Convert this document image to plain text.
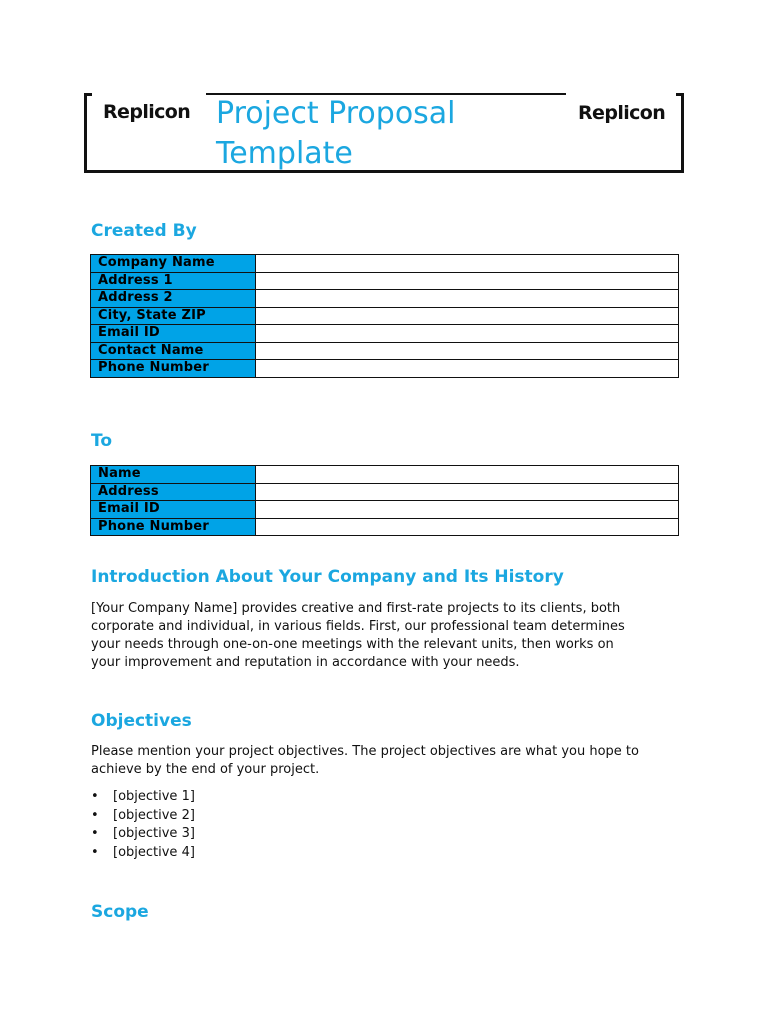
Replicon	Replicon
Project Proposal
Template
Created By
Company Name	
Address 1	
Address 2	
City, State ZIP	
Email ID	
Contact Name	
Phone Number	
To
Name	
Address	
Email ID	
Phone Number	
Introduction About Your Company and Its History
[Your Company Name] provides creative and first-rate projects to its clients, both
corporate and individual, in various fields. First, our professional team determines
your needs through one-on-one meetings with the relevant units, then works on
your improvement and reputation in accordance with your needs.
Objectives
Please mention your project objectives. The project objectives are what you hope to
achieve by the end of your project.
• [objective 1]
• [objective 2]
• [objective 3]
• [objective 4]
Scope
